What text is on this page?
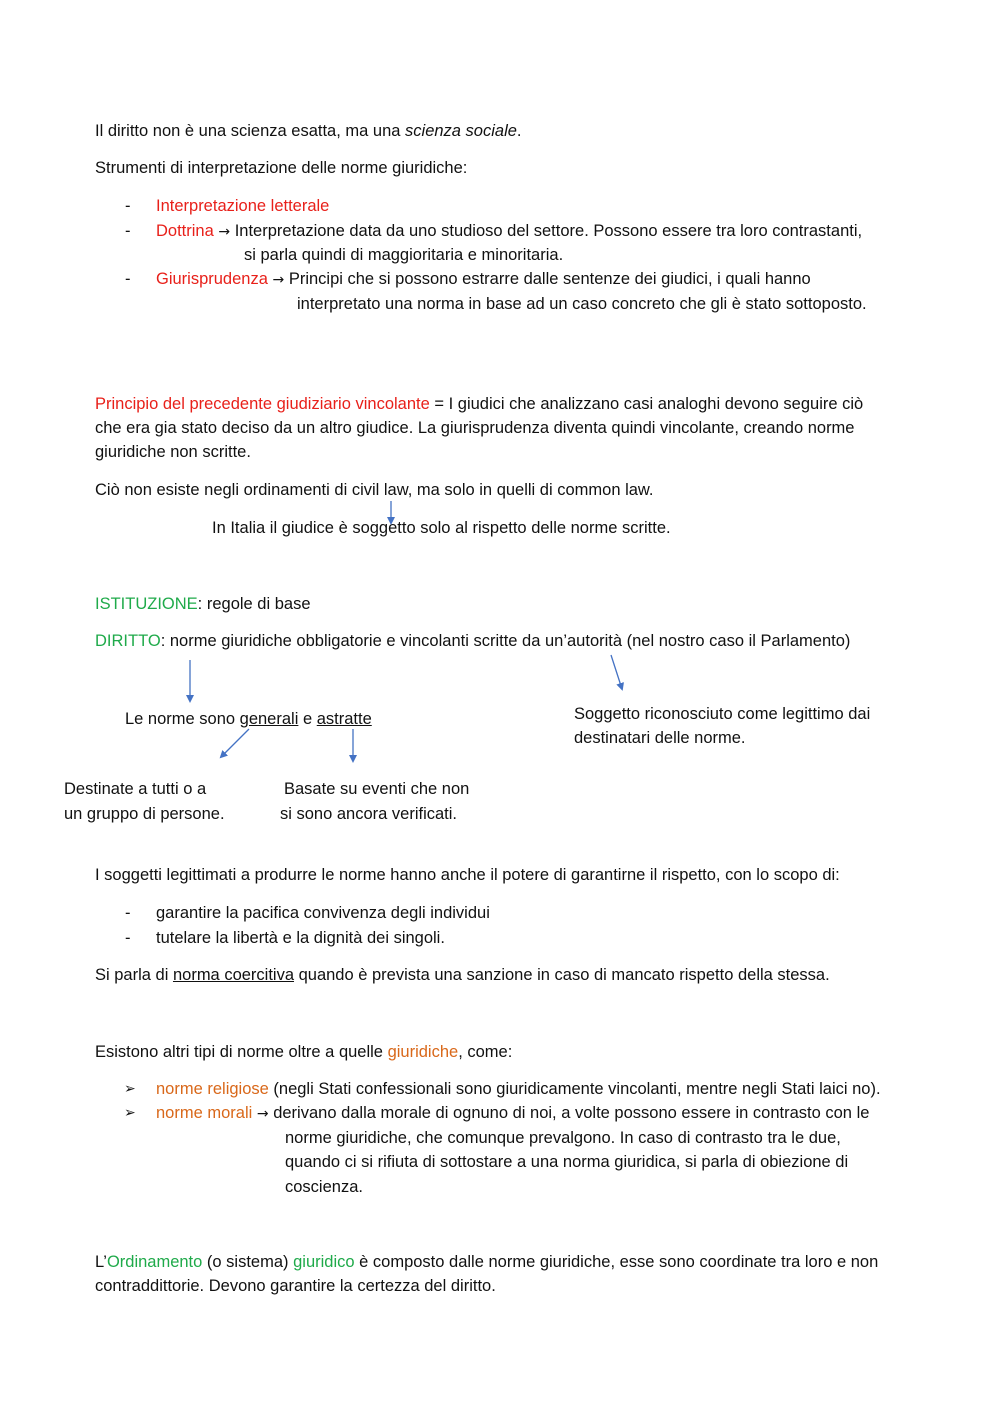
Il diritto non è una scienza esatta, ma una scienza sociale.
Strumenti di interpretazione delle norme giuridiche:
- Interpretazione letterale
- Dottrina → Interpretazione data da uno studioso del settore. Possono essere tra loro contrastanti,
si parla quindi di maggioritaria e minoritaria.
- Giurisprudenza → Principi che si possono estrarre dalle sentenze dei giudici, i quali hanno
interpretato una norma in base ad un caso concreto che gli è stato sottoposto.
Principio del precedente giudiziario vincolante = I giudici che analizzano casi analoghi devono seguire ciò
che era gia stato deciso da un altro giudice. La giurisprudenza diventa quindi vincolante, creando norme
giuridiche non scritte.
Ciò non esiste negli ordinamenti di civil law, ma solo in quelli di common law.
In Italia il giudice è soggetto solo al rispetto delle norme scritte.
ISTITUZIONE: regole di base
DIRITTO: norme giuridiche obbligatorie e vincolanti scritte da un’autorità (nel nostro caso il Parlamento)
Le norme sono generali e astratte	Soggetto riconosciuto come legittimo dai
destinatari delle norme.
Destinate a tutti o a
un gruppo di persone.
Basate su eventi che non
si sono ancora verificati.
I soggetti legittimati a produrre le norme hanno anche il potere di garantirne il rispetto, con lo scopo di:
- garantire la pacifica convivenza degli individui
- tutelare la libertà e la dignità dei singoli.
Si parla di norma coercitiva quando è prevista una sanzione in caso di mancato rispetto della stessa.
Esistono altri tipi di norme oltre a quelle giuridiche, come:
➢ norme religiose (negli Stati confessionali sono giuridicamente vincolanti, mentre negli Stati laici no).
➢ norme morali → derivano dalla morale di ognuno di noi, a volte possono essere in contrasto con le
norme giuridiche, che comunque prevalgono. In caso di contrasto tra le due,
quando ci si rifiuta di sottostare a una norma giuridica, si parla di obiezione di
coscienza.
L’Ordinamento (o sistema) giuridico è composto dalle norme giuridiche, esse sono coordinate tra loro e non
contraddittorie. Devono garantire la certezza del diritto.
